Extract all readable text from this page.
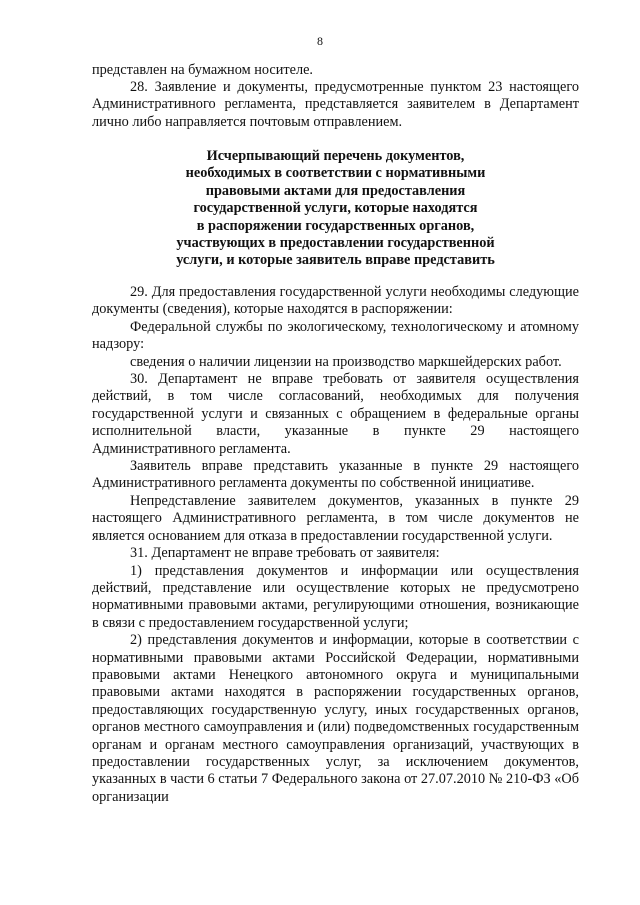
8

представлен на бумажном носителе.

28. Заявление и документы, предусмотренные пунктом 23 настоящего Административного регламента, представляется заявителем в Департамент лично либо направляется почтовым отправлением.

Исчерпывающий перечень документов,

необходимых в соответствии с нормативными

правовыми актами для предоставления

государственной услуги, которые находятся

в распоряжении государственных органов,

участвующих в предоставлении государственной

услуги, и которые заявитель вправе представить

29. Для предоставления государственной услуги необходимы следующие документы (сведения), которые находятся в распоряжении:

Федеральной службы по экологическому, технологическому и атомному надзору:

сведения о наличии лицензии на производство маркшейдерских работ.

30. Департамент не вправе требовать от заявителя осуществления действий, в том числе согласований, необходимых для получения государственной услуги и связанных с обращением в федеральные органы исполнительной власти, указанные в пункте 29 настоящего Административного регламента.

Заявитель вправе представить указанные в пункте 29 настоящего Административного регламента документы по собственной инициативе.

Непредставление заявителем документов, указанных в пункте 29 настоящего Административного регламента, в том числе документов не является основанием для отказа в предоставлении государственной услуги.

31. Департамент не вправе требовать от заявителя:

1) представления документов и информации или осуществления действий, представление или осуществление которых не предусмотрено нормативными правовыми актами, регулирующими отношения, возникающие в связи с предоставлением государственной услуги;

2) представления документов и информации, которые в соответствии с нормативными правовыми актами Российской Федерации, нормативными правовыми актами Ненецкого автономного округа и муниципальными правовыми актами находятся в распоряжении государственных органов, предоставляющих государственную услугу, иных государственных органов, органов местного самоуправления и (или) подведомственных государственным органам и органам местного самоуправления организаций, участвующих в предоставлении государственных услуг, за исключением документов, указанных в части 6 статьи 7 Федерального закона от 27.07.2010 № 210-ФЗ «Об организации
